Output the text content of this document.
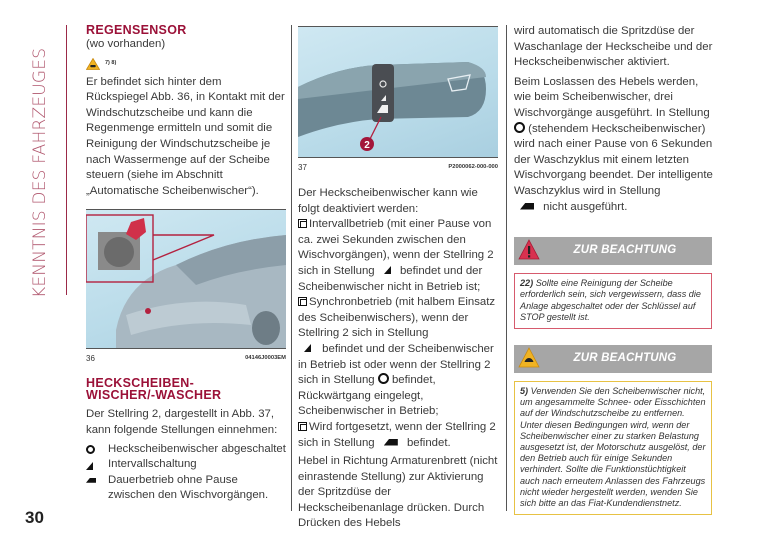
KENNTNIS DES FAHRZEUGES
30
REGENSENSOR
(wo vorhanden)
7) 8)

Er befindet sich hinter dem Rückspiegel Abb. 36, in Kontakt mit der Windschutzscheibe und kann die Regenmenge ermitteln und somit die Reinigung der Windschutzscheibe je nach Wassermenge auf der Scheibe steuern (siehe im Abschnitt „Automatische Scheibenwischer“).

36	04146J0003EM
HECKSCHEIBEN-
WISCHER/-WASCHER

Der Stellring 2, dargestellt in Abb. 37, kann folgende Stellungen einnehmen:

Heckscheibenwischer abgeschaltet
Intervallschaltung
Dauerbetrieb ohne Pause zwischen den Wischvorgängen.
2
37	P2000062-000-000

Der Heckscheibenwischer kann wie folgt deaktiviert werden:

Intervallbetrieb (mit einer Pause von ca. zwei Sekunden zwischen den Wischvorgängen), wenn der Stellring 2 sich in Stellung befindet und der Scheibenwischer nicht in Betrieb ist;

Synchronbetrieb (mit halbem Einsatz des Scheibenwischers), wenn der Stellring 2 sich in Stellung
befindet und der Scheibenwischer in Betrieb ist oder wenn der Stellring 2 sich in Stellung befindet, Rückwärtgang eingelegt, Scheibenwischer in Betrieb;

Wird fortgesetzt, wenn der Stellring 2 sich in Stellung	befindet.

Hebel in Richtung Armaturenbrett (nicht einrastende Stellung) zur Aktivierung der Spritzdüse der Heckscheibenanlage drücken. Durch Drücken des Hebels

wird automatisch die Spritzdüse der Waschanlage der Heckscheibe und der Heckscheibenwischer aktiviert.

Beim Loslassen des Hebels werden, wie beim Scheibenwischer, drei Wischvorgänge ausgeführt. In Stellung  (stehendem Heckscheibenwischer) wird nach einer Pause von 6 Sekunden der Waschzyklus mit einem letzten Wischvorgang beendet. Der intelligente Waschzyklus wird in Stellung
nicht ausgeführt.

ZUR BEACHTUNG
22) Sollte eine Reinigung der Scheibe erforderlich sein, sich vergewissern, dass die Anlage abgeschaltet oder der Schlüssel auf STOP gestellt ist.
ZUR BEACHTUNG
5) Verwenden Sie den Scheibenwischer nicht, um angesammelte Schnee- oder Eisschichten auf der Windschutzscheibe zu entfernen. Unter diesen Bedingungen wird, wenn der Scheibenwischer einer zu starken Belastung ausgesetzt ist, der Motorschutz ausgelöst, der den Betrieb auch für einige Sekunden verhindert. Sollte die Funktionstüchtigkeit auch nach erneutem Anlassen des Fahrzeugs nicht wieder hergestellt werden, wenden Sie sich bitte an das Fiat-Kundendienstnetz.
